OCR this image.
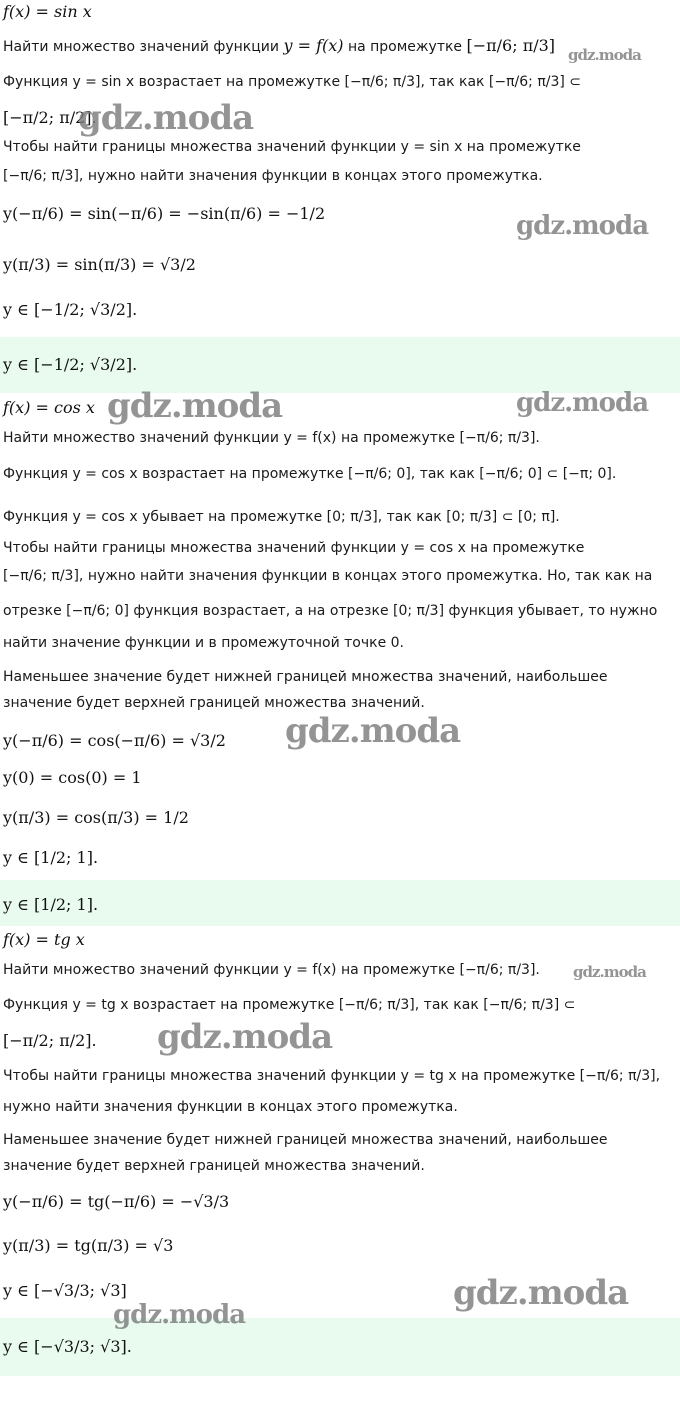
f(x) = sin x
Найти множество значений функции y = f(x) на промежутке [−π/6; π/3]
Функция y = sin x возрастает на промежутке [−π/6; π/3], так как [−π/6; π/3] ⊂
[−π/2; π/2].
Чтобы найти границы множества значений функции y = sin x на промежутке
[−π/6; π/3], нужно найти значения функции в концах этого промежутка.
y(−π/6) = sin(−π/6) = −sin(π/6) = −1/2
y(π/3) = sin(π/3) = √3/2
y ∈ [−1/2; √3/2].
y ∈ [−1/2; √3/2].
f(x) = cos x
Найти множество значений функции y = f(x) на промежутке [−π/6; π/3].
Функция y = cos x возрастает на промежутке [−π/6; 0], так как [−π/6; 0] ⊂ [−π; 0].
Функция y = cos x убывает на промежутке [0; π/3], так как [0; π/3] ⊂ [0; π].
Чтобы найти границы множества значений функции y = cos x на промежутке
[−π/6; π/3], нужно найти значения функции в концах этого промежутка. Но, так как на
отрезке [−π/6; 0] функция возрастает, а на отрезке [0; π/3] функция убывает, то нужно
найти значение функции и в промежуточной точке 0.
Наменьшее значение будет нижней границей множества значений, наибольшее
значение будет верхней границей множества значений.
y(−π/6) = cos(−π/6) = √3/2
y(0) = cos(0) = 1
y(π/3) = cos(π/3) = 1/2
y ∈ [1/2; 1].
y ∈ [1/2; 1].
f(x) = tg x
Найти множество значений функции y = f(x) на промежутке [−π/6; π/3].
Функция y = tg x возрастает на промежутке [−π/6; π/3], так как [−π/6; π/3] ⊂
[−π/2; π/2].
Чтобы найти границы множества значений функции y = tg x на промежутке [−π/6; π/3],
нужно найти значения функции в концах этого промежутка.
Наменьшее значение будет нижней границей множества значений, наибольшее
значение будет верхней границей множества значений.
y(−π/6) = tg(−π/6) = −√3/3
y(π/3) = tg(π/3) = √3
y ∈ [−√3/3; √3]
y ∈ [−√3/3; √3].
gdz.moda
gdz.moda
gdz.moda
gdz.moda	gdz.moda
gdz.moda
gdz.moda
gdz.moda
gdz.moda
gdz.moda
